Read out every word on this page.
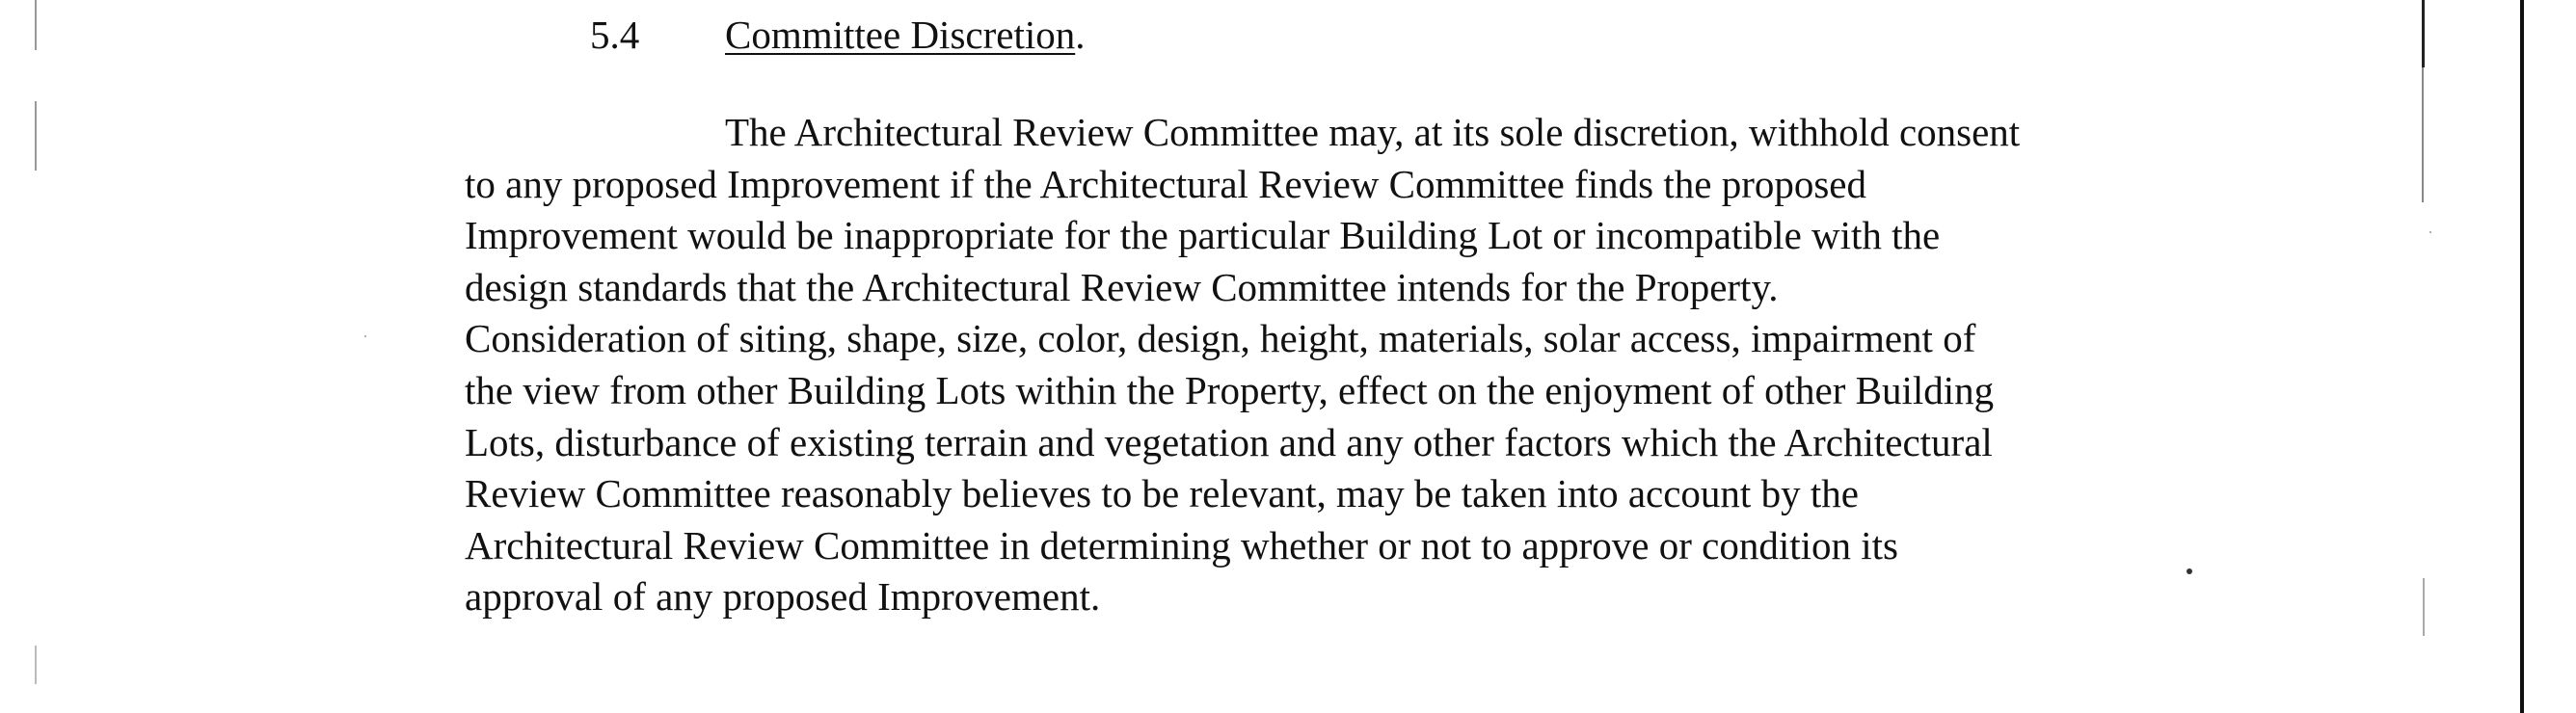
5.4 Committee Discretion.
The Architectural Review Committee may, at its sole discretion, withhold consent
to any proposed Improvement if the Architectural Review Committee finds the proposed
Improvement would be inappropriate for the particular Building Lot or incompatible with the
design standards that the Architectural Review Committee intends for the Property.
Consideration of siting, shape, size, color, design, height, materials, solar access, impairment of
the view from other Building Lots within the Property, effect on the enjoyment of other Building
Lots, disturbance of existing terrain and vegetation and any other factors which the Architectural
Review Committee reasonably believes to be relevant, may be taken into account by the
Architectural Review Committee in determining whether or not to approve or condition its
approval of any proposed Improvement.
